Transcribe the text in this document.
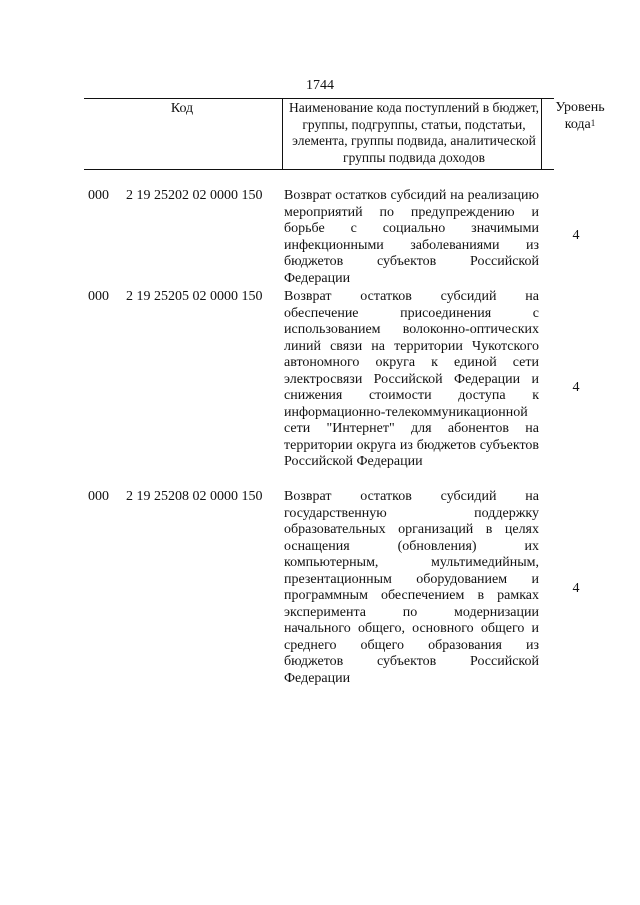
1744
Код	Наименование кода поступлений в бюджет, группы, подгруппы, статьи, подстатьи, элемента, группы подвида, аналитической группы подвида доходов
Уровень кода$^1$
000 2 19 25202 02 0000 150 Возврат остатков субсидий на реализацию мероприятий по предупреждению и борьбе с социально значимыми инфекционными заболеваниями из бюджетов субъектов Российской Федерации
4
000 2 19 25205 02 0000 150 Возврат остатков субсидий на обеспечение присоединения с использованием волоконно-оптических линий связи на территории Чукотского автономного округа к единой сети электросвязи Российской Федерации и снижения стоимости доступа к информационно-телекоммуникационной сети "Интернет" для абонентов на территории округа из бюджетов субъектов Российской Федерации
4
000 2 19 25208 02 0000 150 Возврат остатков субсидий на государственную поддержку образовательных организаций в целях оснащения (обновления) их компьютерным, мультимедийным, презентационным оборудованием и программным обеспечением в рамках эксперимента по модернизации начального общего, основного общего и среднего общего образования из бюджетов субъектов Российской Федерации
4
